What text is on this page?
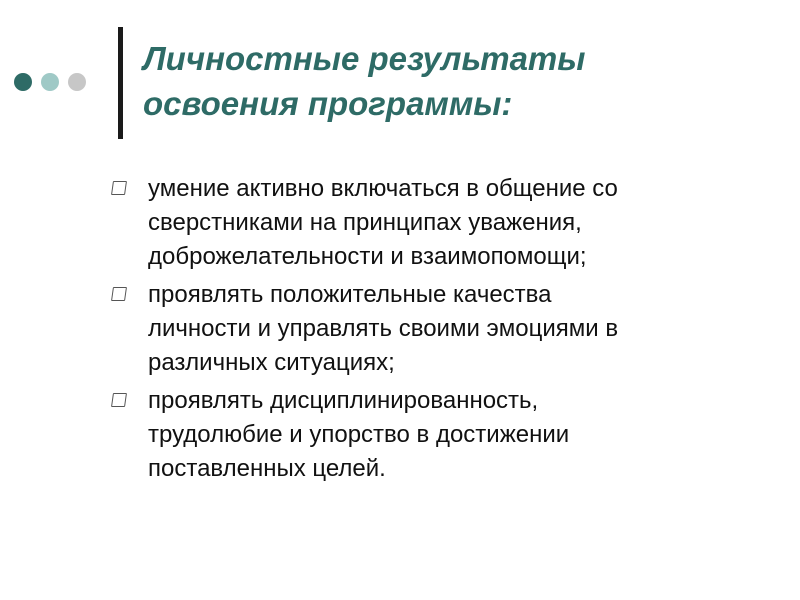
Личностные результаты
освоения программы:
умение активно включаться в общение со
сверстниками на принципах уважения,
доброжелательности и взаимопомощи;
проявлять положительные качества
личности и управлять своими эмоциями в
различных ситуациях;
проявлять дисциплинированность,
трудолюбие и упорство в достижении
поставленных целей.
